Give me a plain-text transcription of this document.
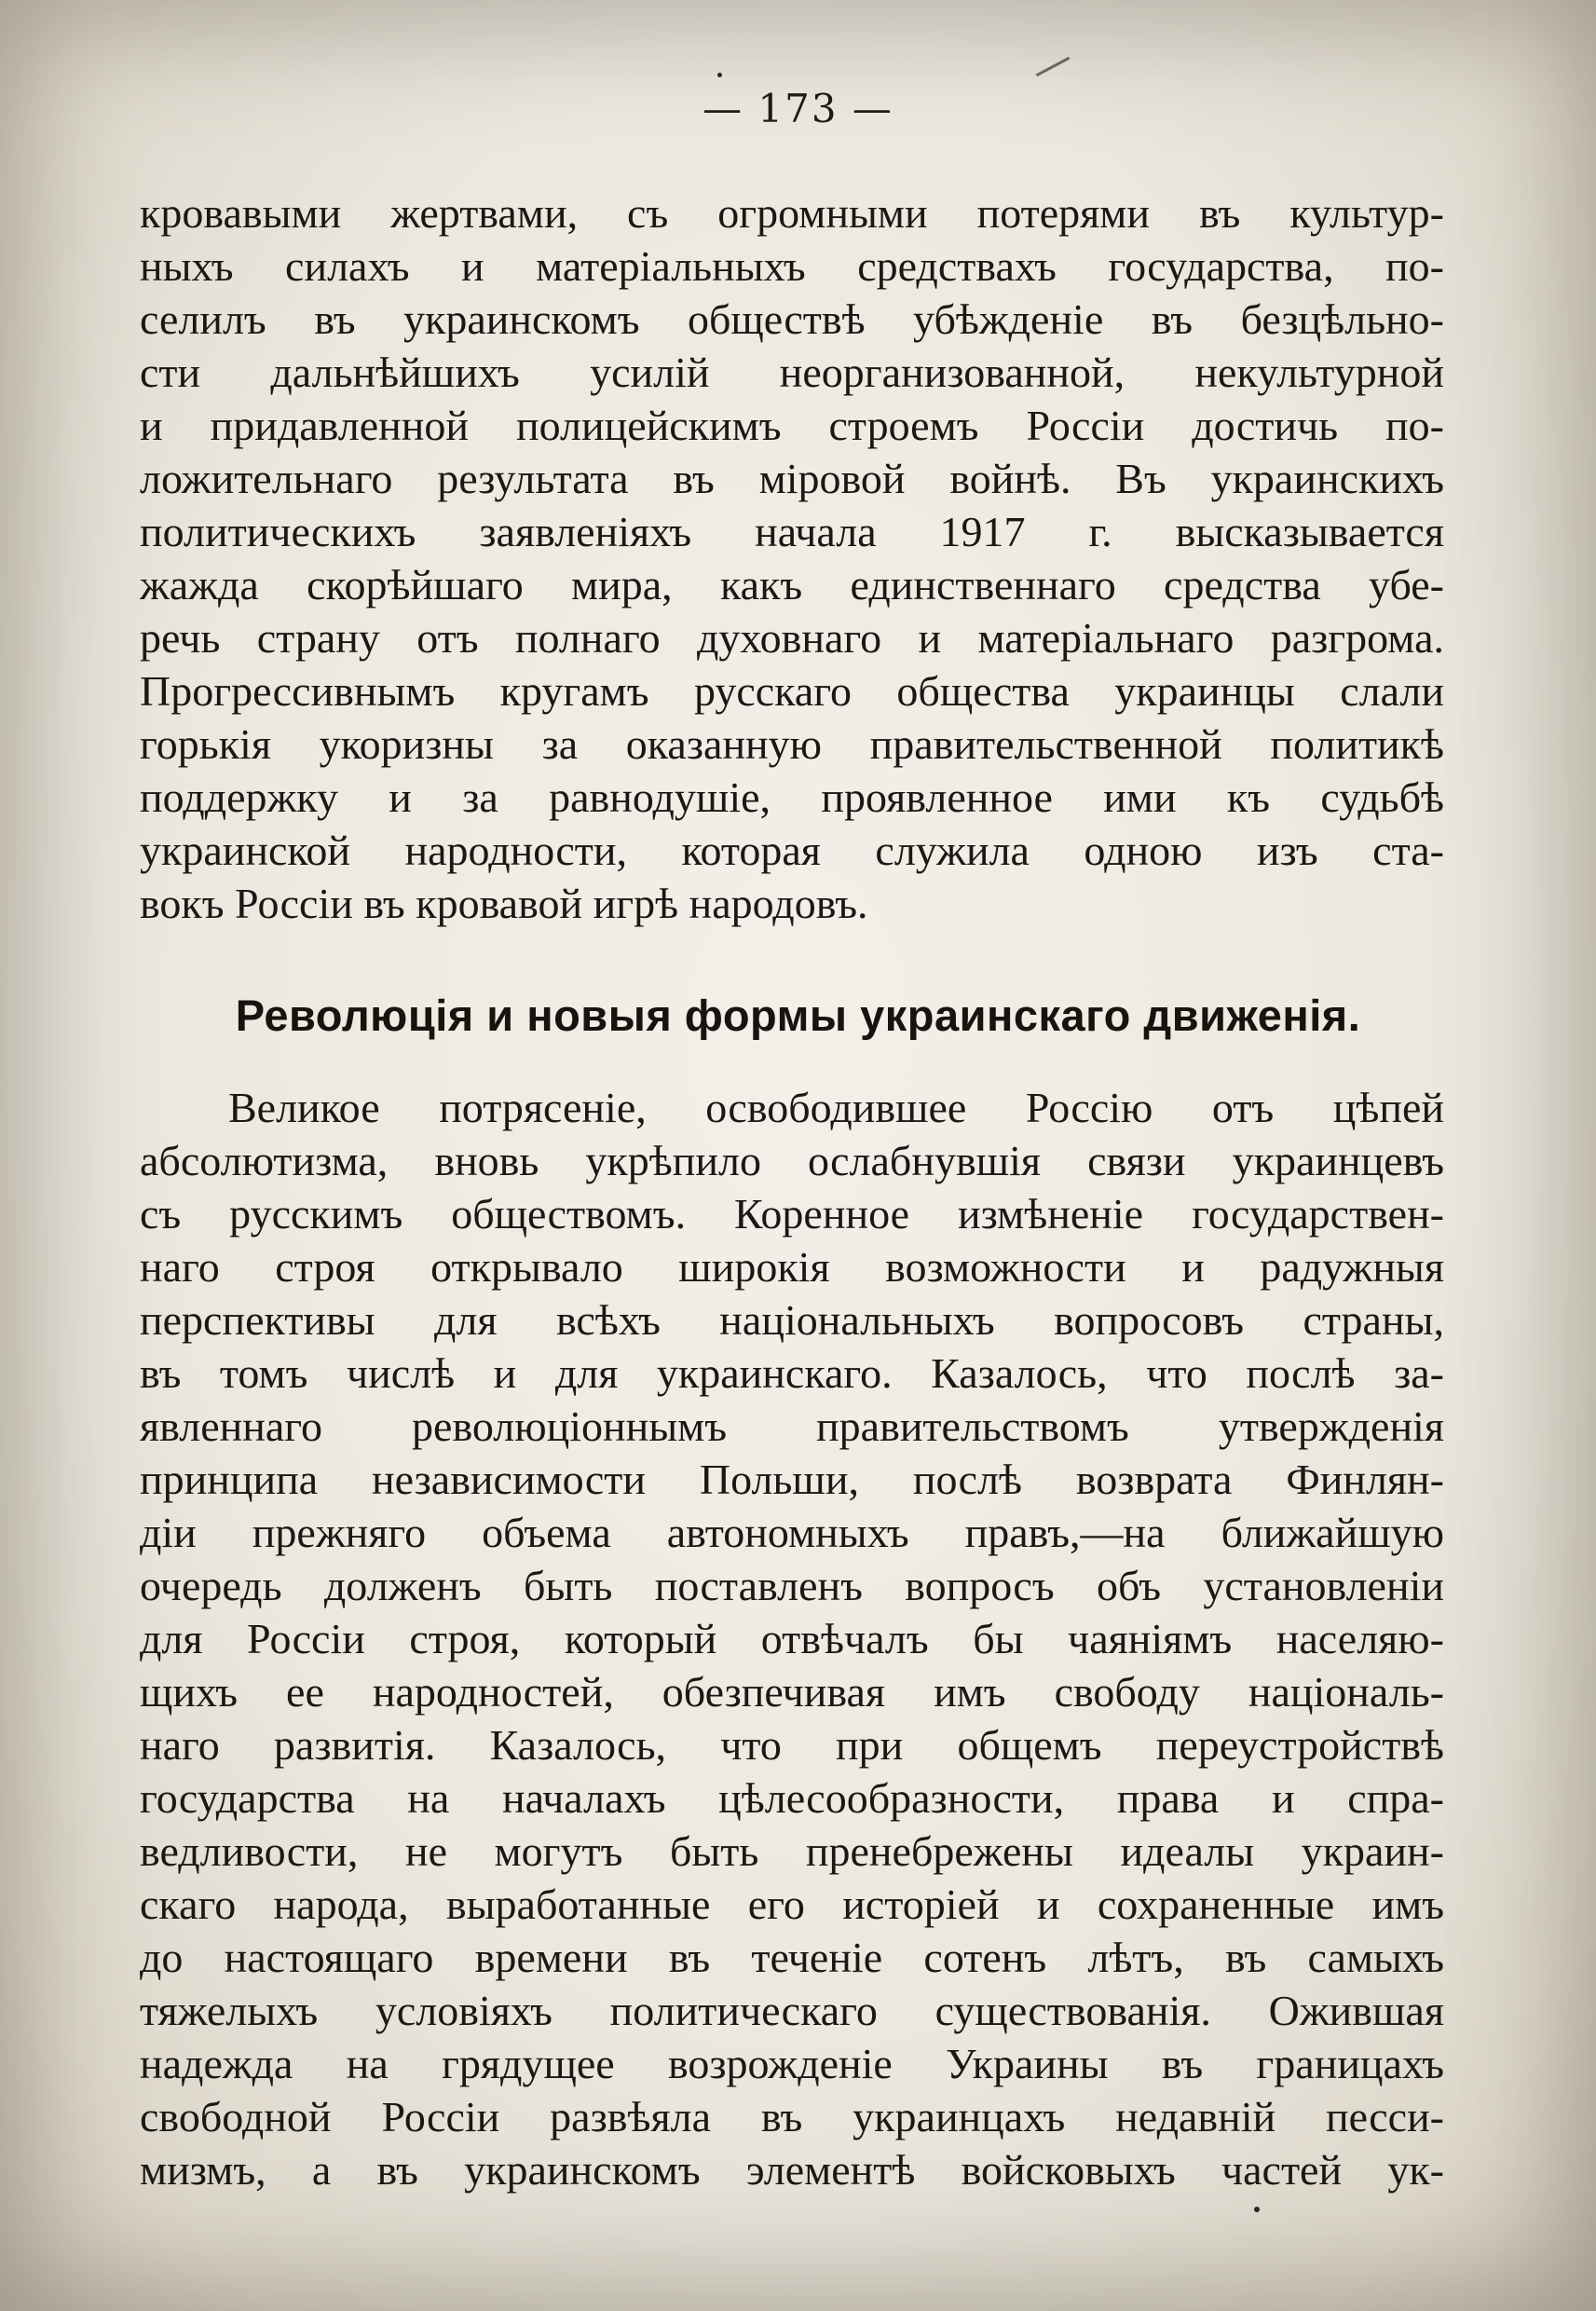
— 173 —
кровавыми жертвами, съ огромными потерями въ культур-
ныхъ силахъ и матеріальныхъ средствахъ государства, по-
селилъ въ украинскомъ обществѣ убѣжденіе въ безцѣльно-
сти дальнѣйшихъ усилій неорганизованной, некультурной
и придавленной полицейскимъ строемъ Россіи достичь по-
ложительнаго результата въ міровой войнѣ. Въ украинскихъ
политическихъ заявленіяхъ начала 1917 г. высказывается
жажда скорѣйшаго мира, какъ единственнаго средства убе-
речь страну отъ полнаго духовнаго и матеріальнаго разгрома.
Прогрессивнымъ кругамъ русскаго общества украинцы слали
горькія укоризны за оказанную правительственной политикѣ
поддержку и за равнодушіе, проявленное ими къ судьбѣ
украинской народности, которая служила одною изъ ста-
вокъ Россіи въ кровавой игрѣ народовъ.
Революція и новыя формы украинскаго движенія.
Великое потрясеніе, освободившее Россію отъ цѣпей
абсолютизма, вновь укрѣпило ослабнувшія связи украинцевъ
съ русскимъ обществомъ. Коренное измѣненіе государствен-
наго строя открывало широкія возможности и радужныя
перспективы для всѣхъ національныхъ вопросовъ страны,
въ томъ числѣ и для украинскаго. Казалось, что послѣ за-
явленнаго революціоннымъ правительствомъ утвержденія
принципа независимости Польши, послѣ возврата Финлян-
діи прежняго объема автономныхъ правъ,—на ближайшую
очередь долженъ быть поставленъ вопросъ объ установленіи
для Россіи строя, который отвѣчалъ бы чаяніямъ населяю-
щихъ ее народностей, обезпечивая имъ свободу національ-
наго развитія. Казалось, что при общемъ переустройствѣ
государства на началахъ цѣлесообразности, права и спра-
ведливости, не могутъ быть пренебрежены идеалы украин-
скаго народа, выработанные его исторіей и сохраненные имъ
до настоящаго времени въ теченіе сотенъ лѣтъ, въ самыхъ
тяжелыхъ условіяхъ политическаго существованія. Ожившая
надежда на грядущее возрожденіе Украины въ границахъ
свободной Россіи развѣяла въ украинцахъ недавній песси-
мизмъ, а въ украинскомъ элементѣ войсковыхъ частей ук-
